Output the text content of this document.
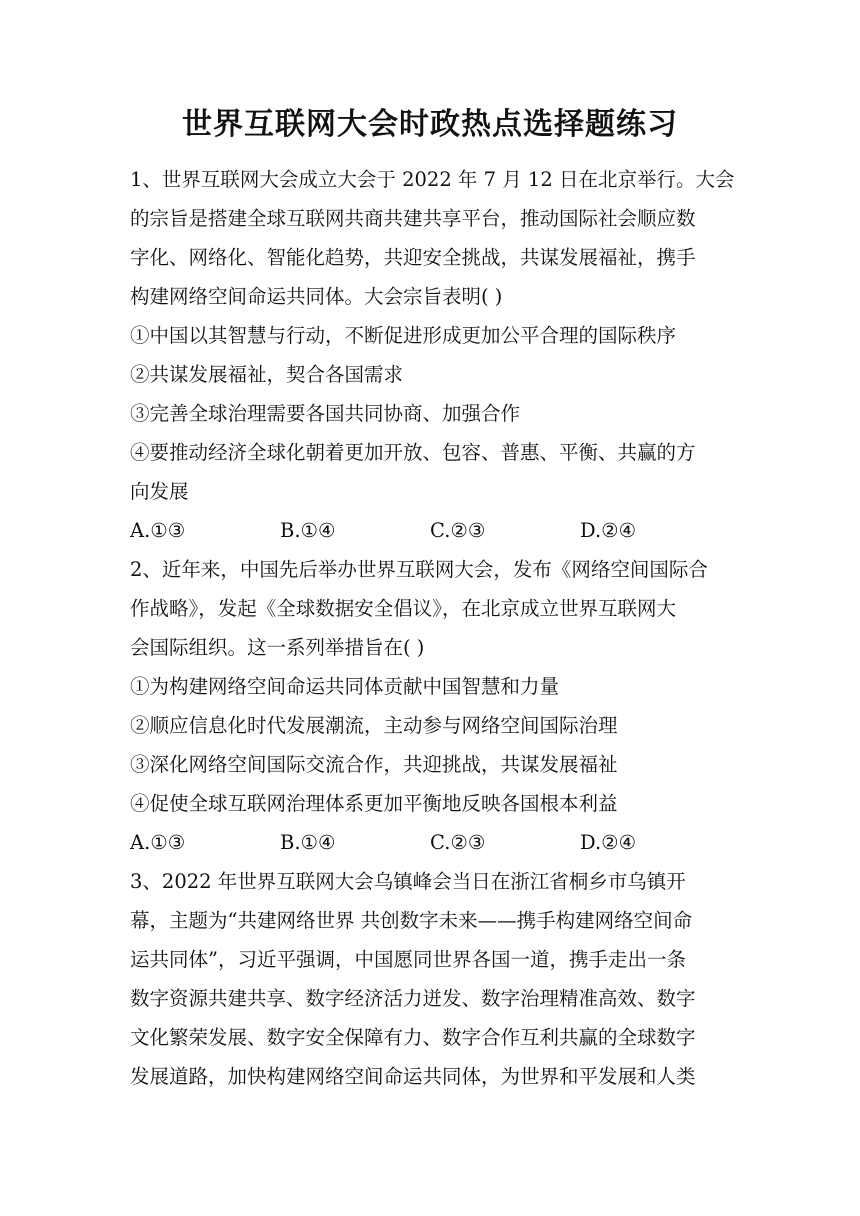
世界互联网大会时政热点选择题练习
1、世界互联网大会成立大会于 2022 年 7 月 12 日在北京举行。大会
的宗旨是搭建全球互联网共商共建共享平台，推动国际社会顺应数
字化、网络化、智能化趋势，共迎安全挑战，共谋发展福祉，携手
构建网络空间命运共同体。大会宗旨表明( )
①中国以其智慧与行动，不断促进形成更加公平合理的国际秩序
②共谋发展福祉，契合各国需求
③完善全球治理需要各国共同协商、加强合作
④要推动经济全球化朝着更加开放、包容、普惠、平衡、共赢的方
向发展
A.①③	B.①④	C.②③	D.②④
2、近年来，中国先后举办世界互联网大会，发布《网络空间国际合
作战略》，发起《全球数据安全倡议》，在北京成立世界互联网大
会国际组织。这一系列举措旨在( )
①为构建网络空间命运共同体贡献中国智慧和力量
②顺应信息化时代发展潮流，主动参与网络空间国际治理
③深化网络空间国际交流合作，共迎挑战，共谋发展福祉
④促使全球互联网治理体系更加平衡地反映各国根本利益
A.①③	B.①④	C.②③	D.②④
3、2022 年世界互联网大会乌镇峰会当日在浙江省桐乡市乌镇开
幕，主题为“共建网络世界 共创数字未来——携手构建网络空间命
运共同体”，习近平强调，中国愿同世界各国一道，携手走出一条
数字资源共建共享、数字经济活力迸发、数字治理精准高效、数字
文化繁荣发展、数字安全保障有力、数字合作互利共赢的全球数字
发展道路，加快构建网络空间命运共同体，为世界和平发展和人类
